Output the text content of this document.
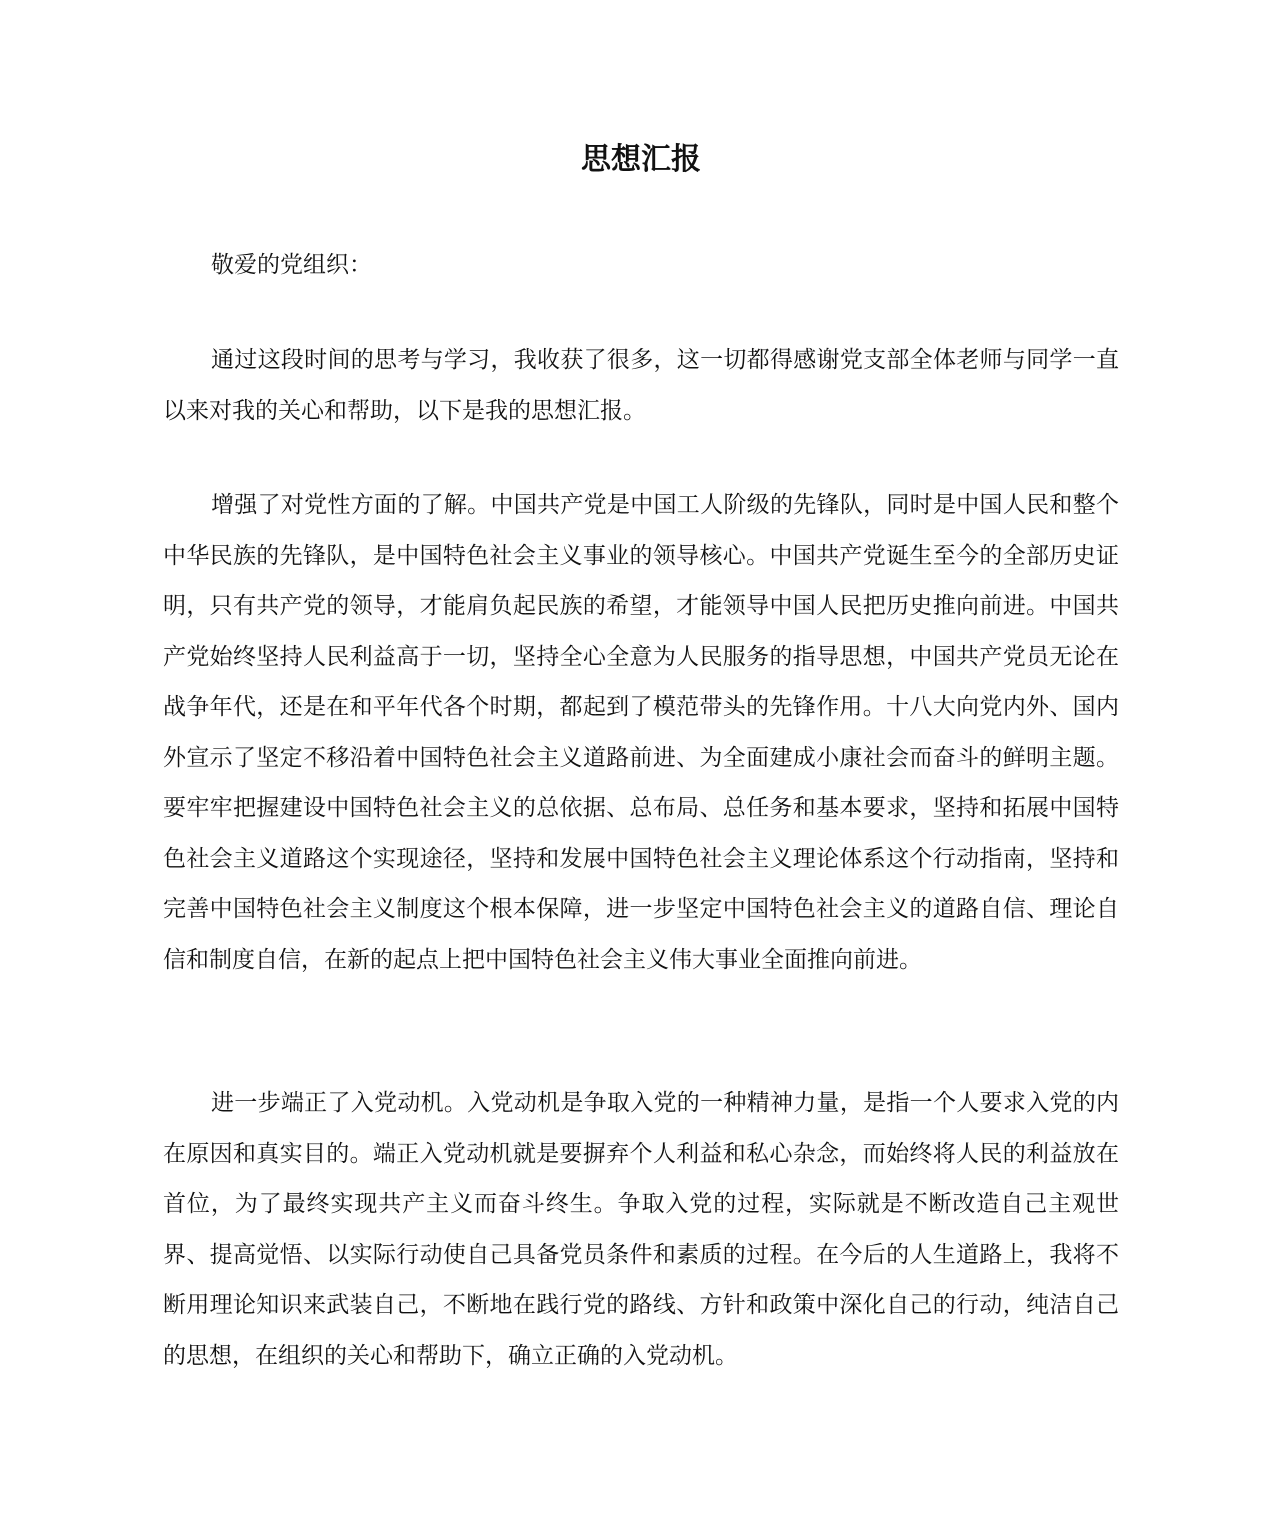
思想汇报

敬爱的党组织：

通过这段时间的思考与学习，我收获了很多，这一切都得感谢党支部全体老师与同学一直以来对我的关心和帮助，以下是我的思想汇报。

增强了对党性方面的了解。中国共产党是中国工人阶级的先锋队，同时是中国人民和整个中华民族的先锋队，是中国特色社会主义事业的领导核心。中国共产党诞生至今的全部历史证明，只有共产党的领导，才能肩负起民族的希望，才能领导中国人民把历史推向前进。中国共产党始终坚持人民利益高于一切，坚持全心全意为人民服务的指导思想，中国共产党员无论在战争年代，还是在和平年代各个时期，都起到了模范带头的先锋作用。十八大向党内外、国内外宣示了坚定不移沿着中国特色社会主义道路前进、为全面建成小康社会而奋斗的鲜明主题。要牢牢把握建设中国特色社会主义的总依据、总布局、总任务和基本要求，坚持和拓展中国特色社会主义道路这个实现途径，坚持和发展中国特色社会主义理论体系这个行动指南，坚持和完善中国特色社会主义制度这个根本保障，进一步坚定中国特色社会主义的道路自信、理论自信和制度自信，在新的起点上把中国特色社会主义伟大事业全面推向前进。

进一步端正了入党动机。入党动机是争取入党的一种精神力量，是指一个人要求入党的内在原因和真实目的。端正入党动机就是要摒弃个人利益和私心杂念，而始终将人民的利益放在首位，为了最终实现共产主义而奋斗终生。争取入党的过程，实际就是不断改造自己主观世界、提高觉悟、以实际行动使自己具备党员条件和素质的过程。在今后的人生道路上，我将不断用理论知识来武装自己，不断地在践行党的路线、方针和政策中深化自己的行动，纯洁自己的思想，在组织的关心和帮助下，确立正确的入党动机。
